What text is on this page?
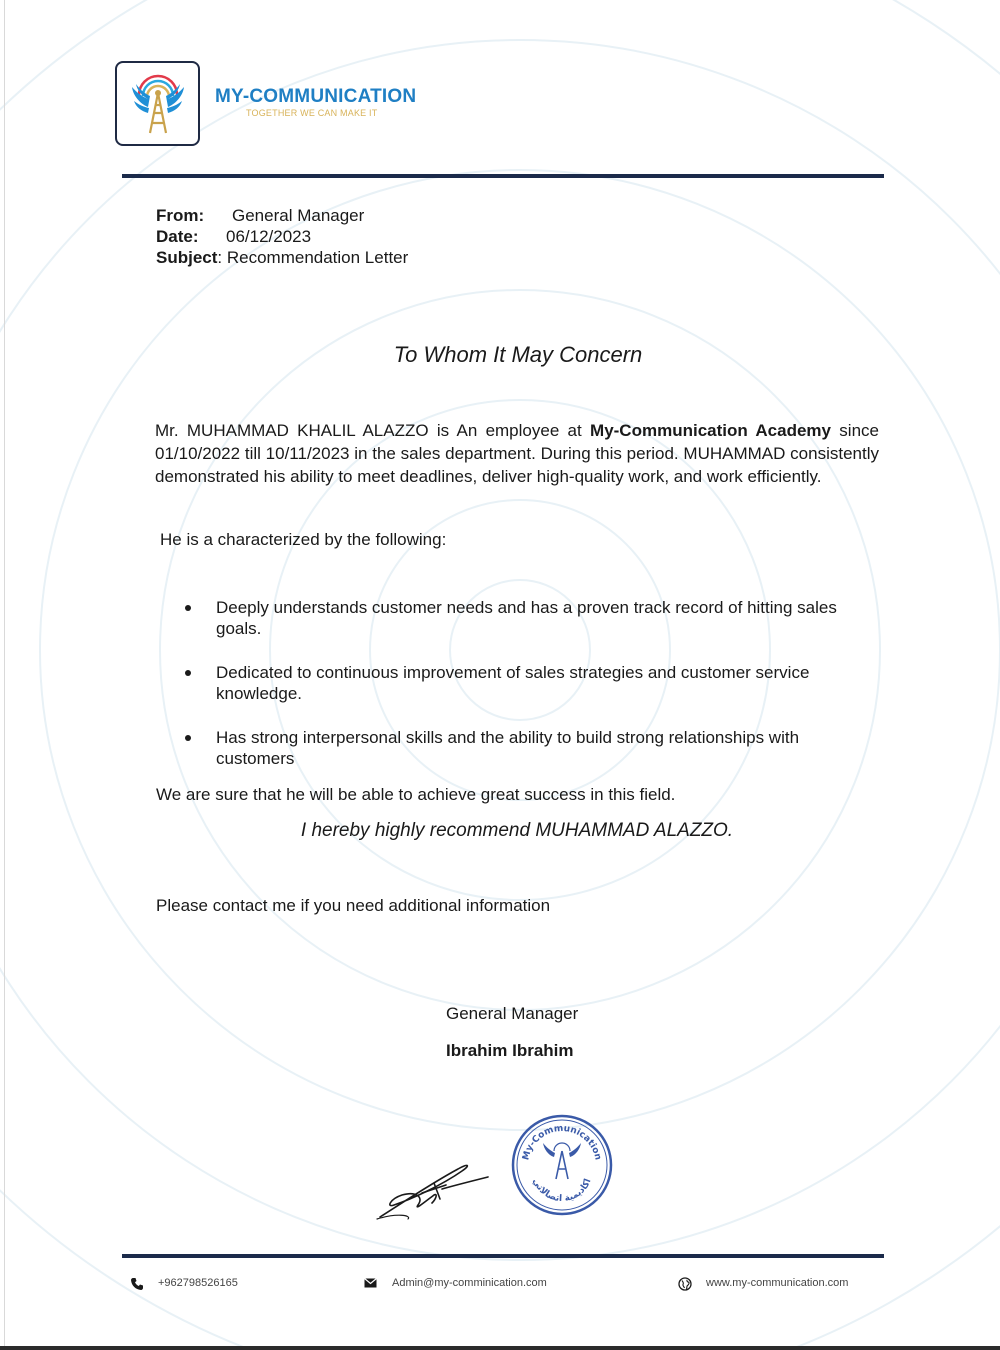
MY-COMMUNICATION
TOGETHER WE CAN MAKE IT
From: General Manager
Date: 06/12/2023
Subject: Recommendation Letter
To Whom It May Concern

Mr. MUHAMMAD KHALIL ALAZZO is An employee at My-Communication Academy since 01/10/2022 till 10/11/2023 in the sales department. During this period. MUHAMMAD consistently demonstrated his ability to meet deadlines, deliver high-quality work, and work efficiently.

He is a characterized by the following:
Deeply understands customer needs and has a proven track record of hitting sales goals.
Dedicated to continuous improvement of sales strategies and customer service knowledge.
Has strong interpersonal skills and the ability to build strong relationships with customers
We are sure that he will be able to achieve great success in this field.
I hereby highly recommend MUHAMMAD ALAZZO.
Please contact me if you need additional information
General Manager
Ibrahim Ibrahim
My-Communication
اكاديمية اتصالاتي
+962798526165	Admin@my-comminication.com	www.my-communication.com
